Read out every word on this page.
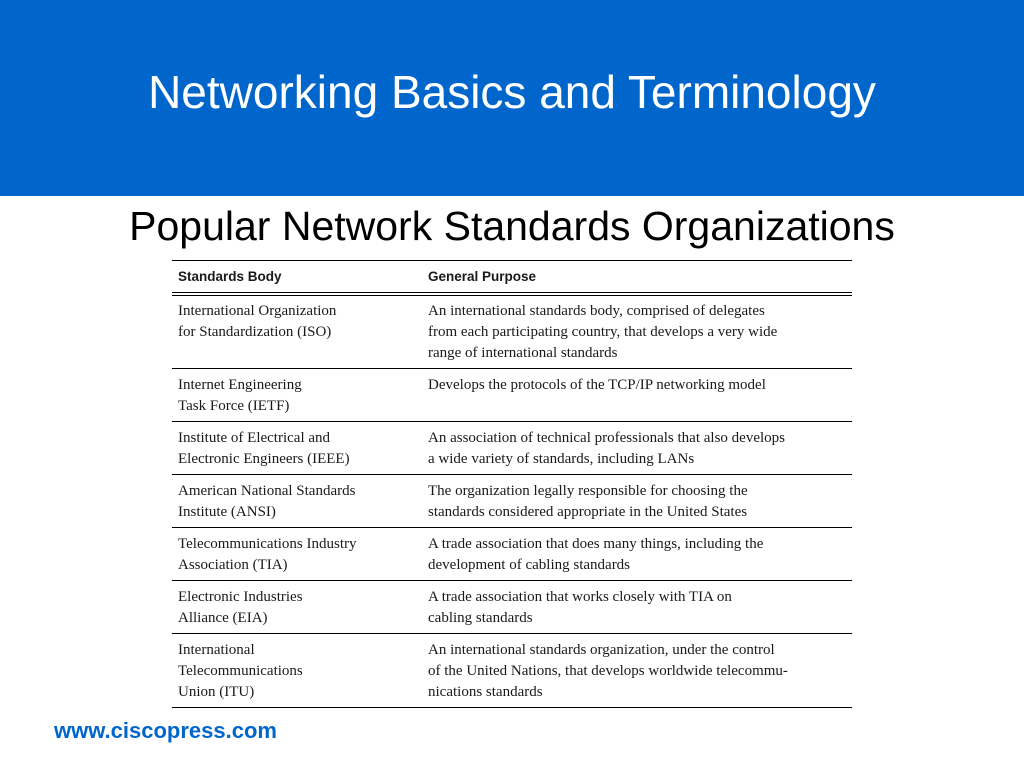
Networking Basics and Terminology
Popular Network Standards Organizations
Standards Body	General Purpose

International Organization
for Standardization (ISO)	An international standards body, comprised of delegates
from each participating country, that develops a very wide
range of international standards

Internet Engineering
Task Force (IETF)	Develops the protocols of the TCP/IP networking model

Institute of Electrical and
Electronic Engineers (IEEE)	An association of technical professionals that also develops
a wide variety of standards, including LANs

American National Standards
Institute (ANSI)	The organization legally responsible for choosing the
standards considered appropriate in the United States

Telecommunications Industry
Association (TIA)	A trade association that does many things, including the
development of cabling standards

Electronic Industries
Alliance (EIA)	A trade association that works closely with TIA on
cabling standards

International
Telecommunications
Union (ITU)	An international standards organization, under the control
of the United Nations, that develops worldwide telecommu-
nications standards
www.ciscopress.com
